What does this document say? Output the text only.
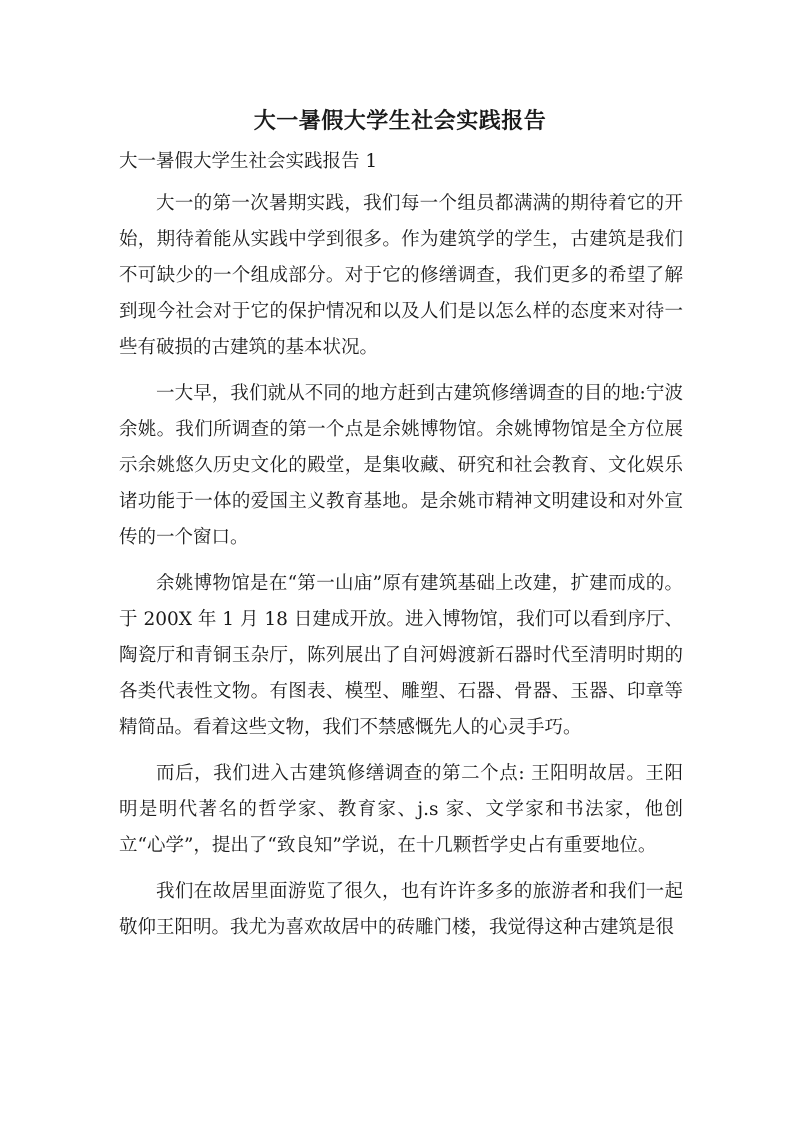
大一暑假大学生社会实践报告

大一暑假大学生社会实践报告 1

大一的第一次暑期实践，我们每一个组员都满满的期待着它的开始，期待着能从实践中学到很多。作为建筑学的学生，古建筑是我们不可缺少的一个组成部分。对于它的修缮调查，我们更多的希望了解到现今社会对于它的保护情况和以及人们是以怎么样的态度来对待一些有破损的古建筑的基本状况。

一大早，我们就从不同的地方赶到古建筑修缮调查的目的地:宁波余姚。我们所调查的第一个点是余姚博物馆。余姚博物馆是全方位展示余姚悠久历史文化的殿堂，是集收藏、研究和社会教育、文化娱乐诸功能于一体的爱国主义教育基地。是余姚市精神文明建设和对外宣传的一个窗口。

余姚博物馆是在“第一山庙”原有建筑基础上改建，扩建而成的。于 200X 年 1 月 18 日建成开放。进入博物馆，我们可以看到序厅、陶瓷厅和青铜玉杂厅，陈列展出了自河姆渡新石器时代至清明时期的各类代表性文物。有图表、模型、雕塑、石器、骨器、玉器、印章等精简品。看着这些文物，我们不禁感慨先人的心灵手巧。

而后，我们进入古建筑修缮调查的第二个点: 王阳明故居。王阳明是明代著名的哲学家、教育家、j.s 家、文学家和书法家，他创立“心学”，提出了“致良知”学说，在十几颗哲学史占有重要地位。

我们在故居里面游览了很久，也有许许多多的旅游者和我们一起敬仰王阳明。我尤为喜欢故居中的砖雕门楼，我觉得这种古建筑是很
